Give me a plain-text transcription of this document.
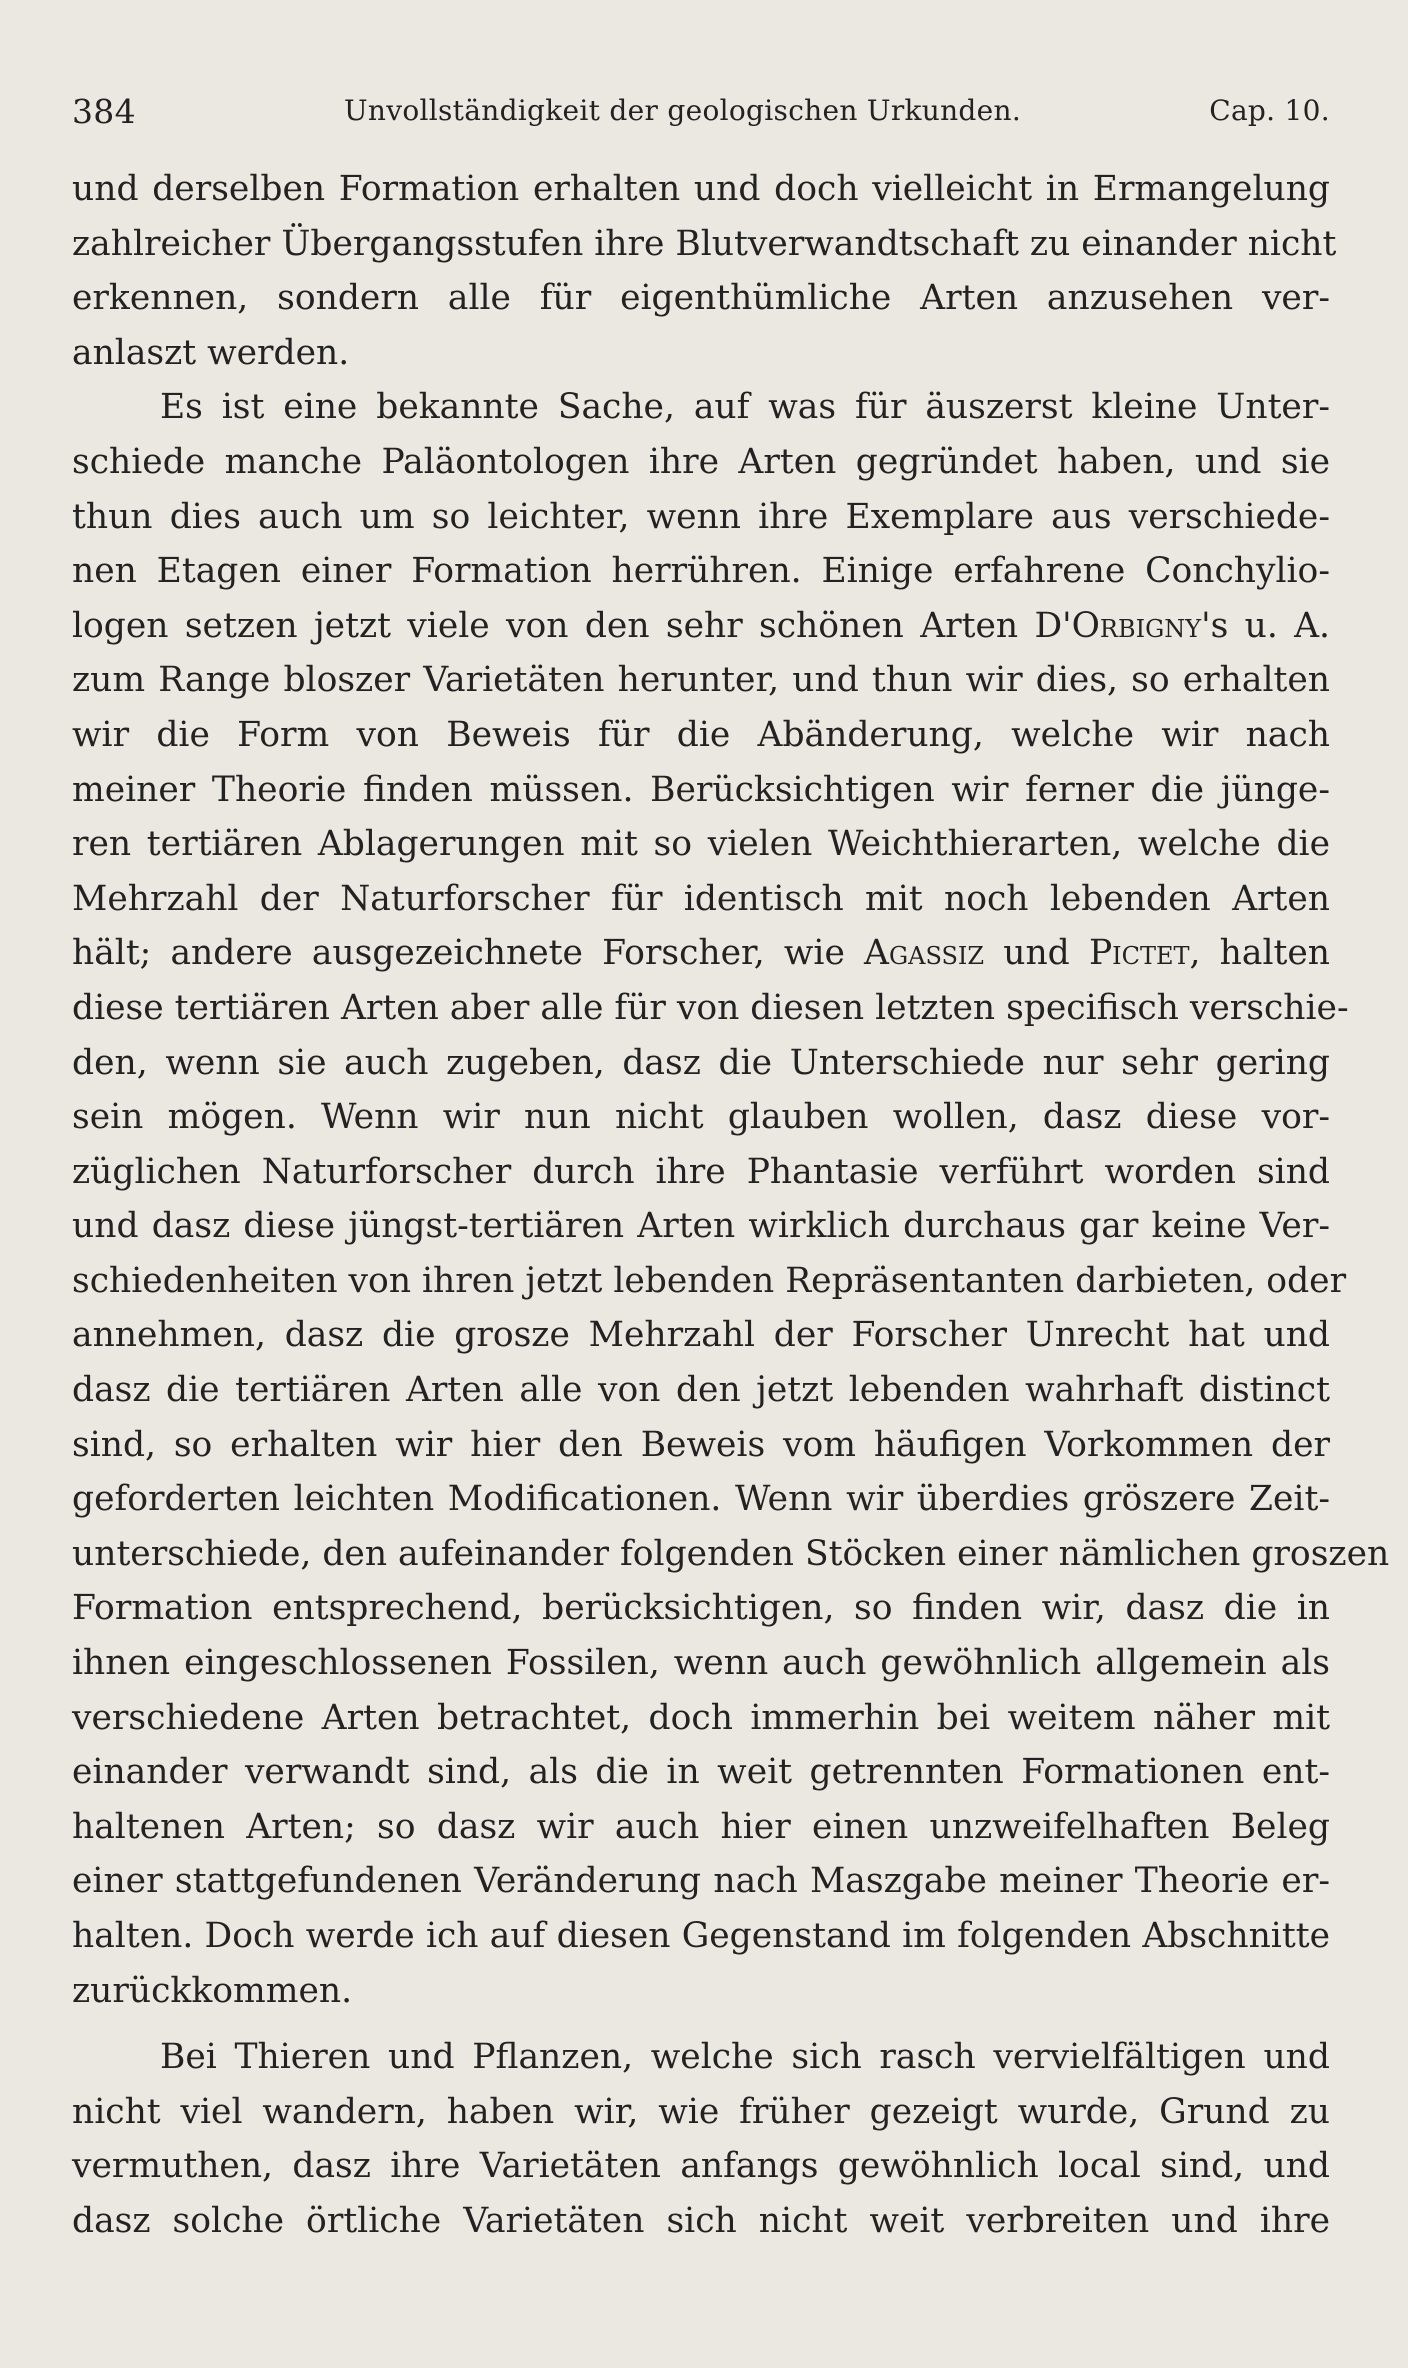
384	Unvollständigkeit der geologischen Urkunden.	Cap. 10.
und derselben Formation erhalten und doch vielleicht in Ermangelung
zahlreicher Übergangsstufen ihre Blutverwandtschaft zu einander nicht
erkennen, sondern alle für eigenthümliche Arten anzusehen ver-
anlaszt werden.
Es ist eine bekannte Sache, auf was für äuszerst kleine Unter-
schiede manche Paläontologen ihre Arten gegründet haben, und sie
thun dies auch um so leichter, wenn ihre Exemplare aus verschiede-
nen Etagen einer Formation herrühren. Einige erfahrene Conchylio-
logen setzen jetzt viele von den sehr schönen Arten D'Orbigny's u. A.
zum Range bloszer Varietäten herunter, und thun wir dies, so erhalten
wir die Form von Beweis für die Abänderung, welche wir nach
meiner Theorie finden müssen. Berücksichtigen wir ferner die jünge-
ren tertiären Ablagerungen mit so vielen Weichthierarten, welche die
Mehrzahl der Naturforscher für identisch mit noch lebenden Arten
hält; andere ausgezeichnete Forscher, wie Agassiz und Pictet, halten
diese tertiären Arten aber alle für von diesen letzten specifisch verschie-
den, wenn sie auch zugeben, dasz die Unterschiede nur sehr gering
sein mögen. Wenn wir nun nicht glauben wollen, dasz diese vor-
züglichen Naturforscher durch ihre Phantasie verführt worden sind
und dasz diese jüngst-tertiären Arten wirklich durchaus gar keine Ver-
schiedenheiten von ihren jetzt lebenden Repräsentanten darbieten, oder
annehmen, dasz die grosze Mehrzahl der Forscher Unrecht hat und
dasz die tertiären Arten alle von den jetzt lebenden wahrhaft distinct
sind, so erhalten wir hier den Beweis vom häufigen Vorkommen der
geforderten leichten Modificationen. Wenn wir überdies gröszere Zeit-
unterschiede, den aufeinander folgenden Stöcken einer nämlichen groszen
Formation entsprechend, berücksichtigen, so finden wir, dasz die in
ihnen eingeschlossenen Fossilen, wenn auch gewöhnlich allgemein als
verschiedene Arten betrachtet, doch immerhin bei weitem näher mit
einander verwandt sind, als die in weit getrennten Formationen ent-
haltenen Arten; so dasz wir auch hier einen unzweifelhaften Beleg
einer stattgefundenen Veränderung nach Maszgabe meiner Theorie er-
halten. Doch werde ich auf diesen Gegenstand im folgenden Abschnitte
zurückkommen.
Bei Thieren und Pflanzen, welche sich rasch vervielfältigen und
nicht viel wandern, haben wir, wie früher gezeigt wurde, Grund zu
vermuthen, dasz ihre Varietäten anfangs gewöhnlich local sind, und
dasz solche örtliche Varietäten sich nicht weit verbreiten und ihre
